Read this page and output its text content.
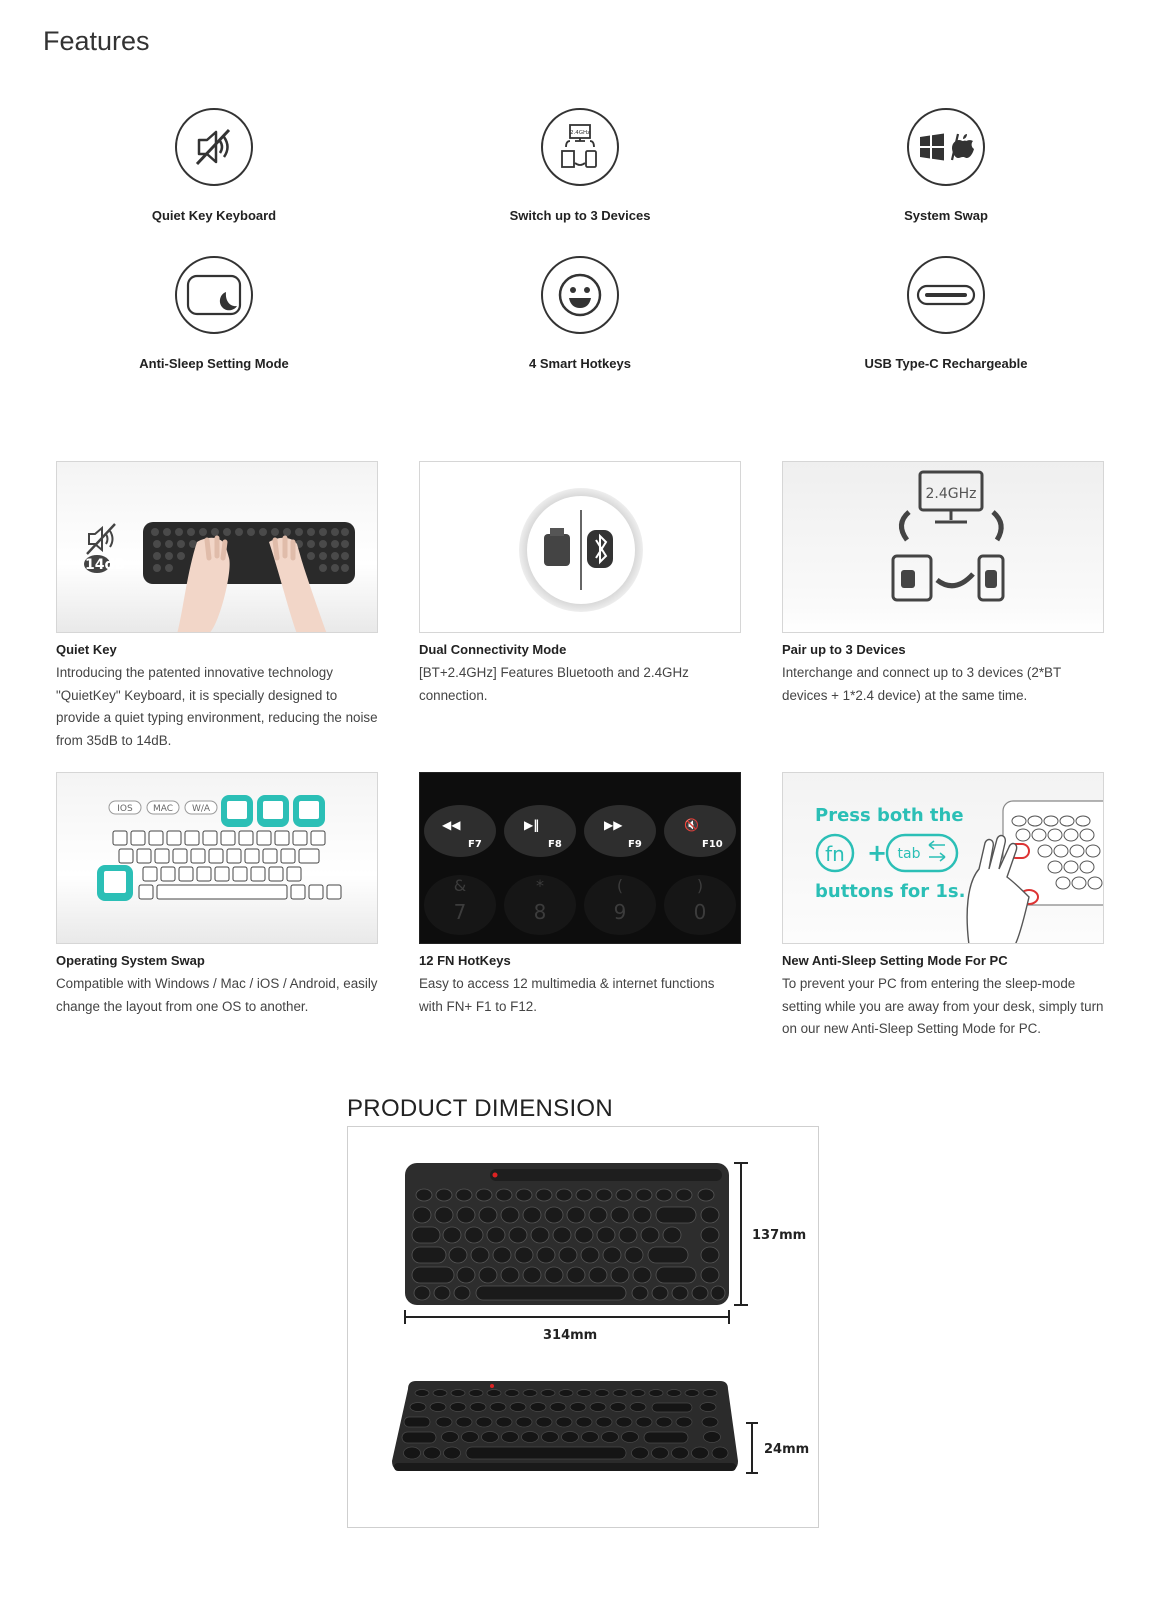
Features
Quiet Key Keyboard
2.4GHz
Switch up to 3 Devices	System Swap
Anti-Sleep Setting Mode	4 Smart Hotkeys	USB Type-C Rechargeable
14dB
Quiet Key
Introducing the patented innovative technology "QuietKey" Keyboard, it is specially designed to provide a quiet typing environment, reducing the noise from 35dB to 14dB.
Dual Connectivity Mode
[BT+2.4GHz] Features Bluetooth and 2.4GHz connection.
2.4GHz
Pair up to 3 Devices
Interchange and connect up to 3 devices (2*BT devices + 1*2.4 device) at the same time.
IOS MAC W/A
Operating System Swap
Compatible with Windows / Mac / iOS / Android, easily change the layout from one OS to another.
◀◀	▶‖	▶▶	🔇
F7	F8	F9	F10
&	*	(	)
7	8	9	0
12 FN HotKeys
Easy to access 12 multimedia & internet functions with FN+ F1 to F12.
Press both the
fn + tab
buttons for 1s.
New Anti-Sleep Setting Mode For PC
To prevent your PC from entering the sleep-mode setting while you are away from your desk, simply turn on our new Anti-Sleep Setting Mode for PC.
PRODUCT DIMENSION
137mm
314mm
24mm
